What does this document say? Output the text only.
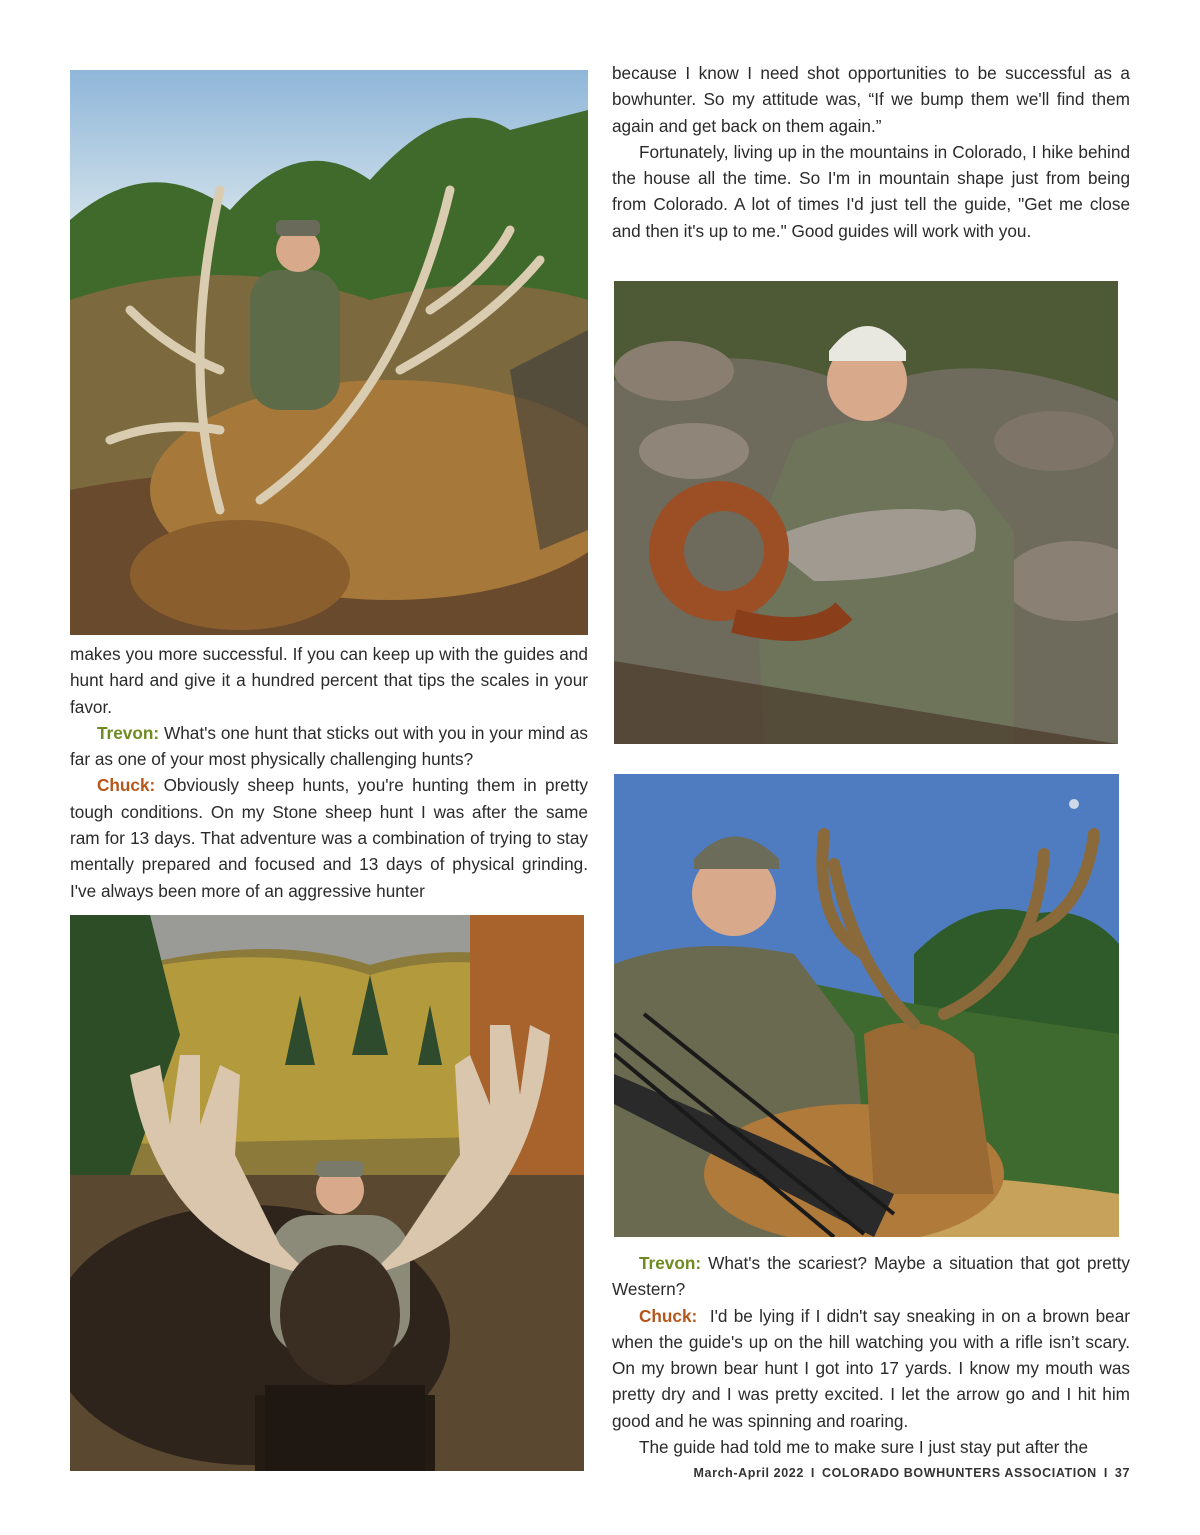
makes you more successful. If you can keep up with the guides and hunt hard and give it a hundred percent that tips the scales in your favor.

Trevon: What's one hunt that sticks out with you in your mind as far as one of your most physically challenging hunts?

Chuck: Obviously sheep hunts, you're hunting them in pretty tough conditions. On my Stone sheep hunt I was after the same ram for 13 days. That adventure was a combination of trying to stay mentally prepared and focused and 13 days of physical grinding. I've always been more of an aggressive hunter

because I know I need shot opportunities to be successful as a bowhunter. So my attitude was, “If we bump them we'll find them again and get back on them again.”

Fortunately, living up in the mountains in Colorado, I hike behind the house all the time. So I'm in mountain shape just from being from Colorado. A lot of times I'd just tell the guide, "Get me close and then it's up to me." Good guides will work with you.

Trevon: What's the scariest? Maybe a situation that got pretty Western?

Chuck: I'd be lying if I didn't say sneaking in on a brown bear when the guide's up on the hill watching you with a rifle isn’t scary. On my brown bear hunt I got into 17 yards. I know my mouth was pretty dry and I was pretty excited. I let the arrow go and I hit him good and he was spinning and roaring.

The guide had told me to make sure I just stay put after the

March-April 2022 I COLORADO BOWHUNTERS ASSOCIATION I 37
